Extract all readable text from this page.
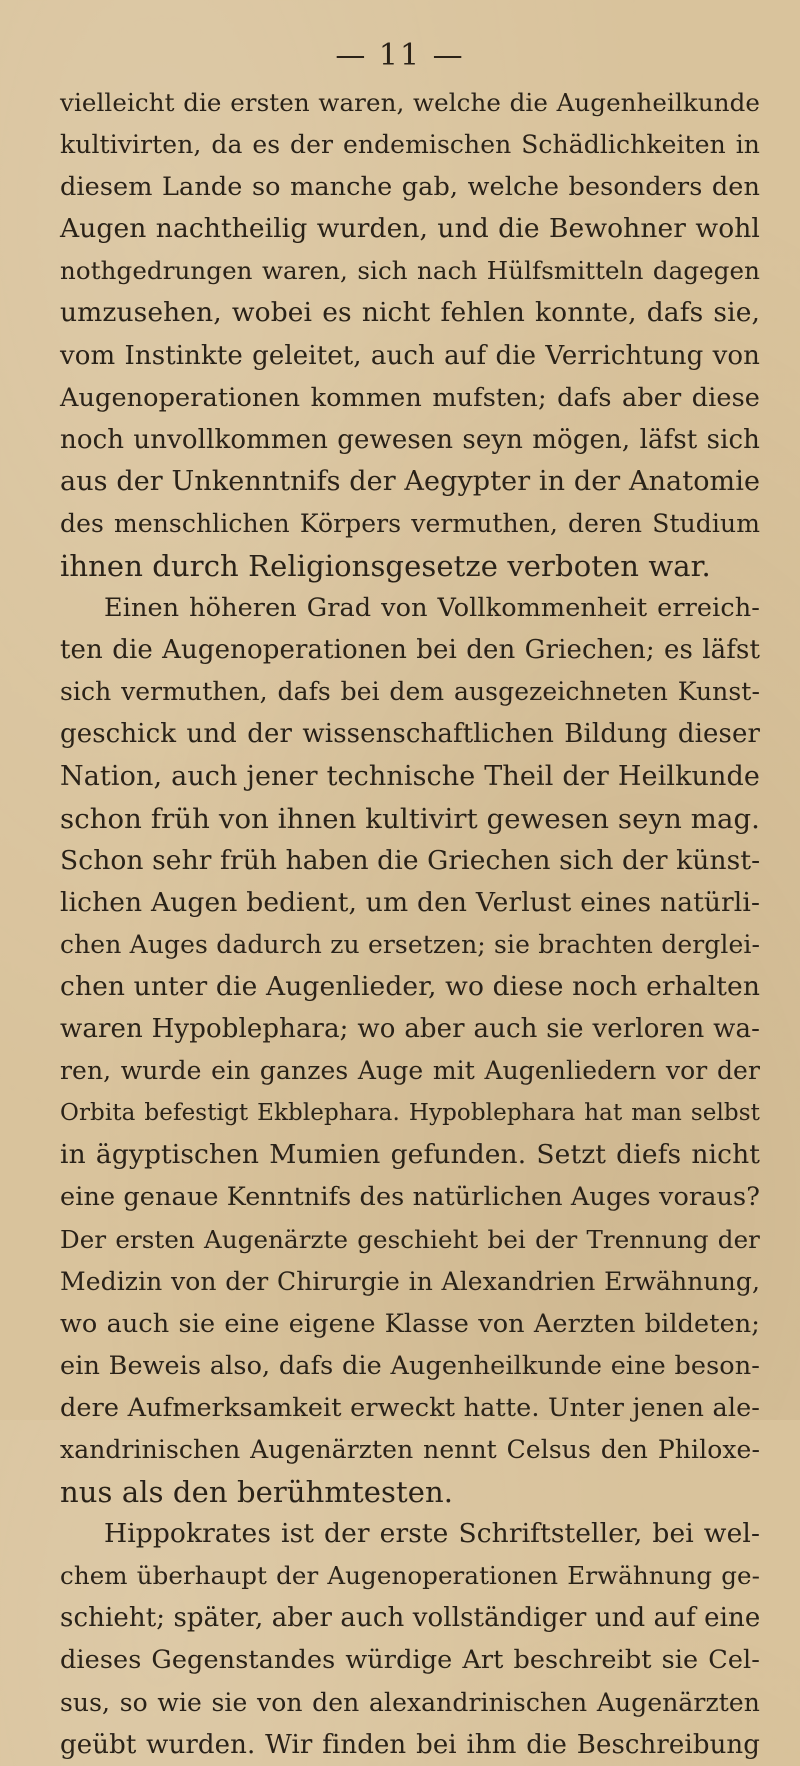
— 11 —
vielleicht die ersten waren, welche die Augenheilkunde
kultivirten, da es der endemischen Schädlichkeiten in
diesem Lande so manche gab, welche besonders den
Augen nachtheilig wurden, und die Bewohner wohl
nothgedrungen waren, sich nach Hülfsmitteln dagegen
umzusehen, wobei es nicht fehlen konnte, dafs sie,
vom Instinkte geleitet, auch auf die Verrichtung von
Augenoperationen kommen mufsten; dafs aber diese
noch unvollkommen gewesen seyn mögen, läfst sich
aus der Unkenntnifs der Aegypter in der Anatomie
des menschlichen Körpers vermuthen, deren Studium
ihnen durch Religionsgesetze verboten war.
Einen höheren Grad von Vollkommenheit erreich-
ten die Augenoperationen bei den Griechen; es läfst
sich vermuthen, dafs bei dem ausgezeichneten Kunst-
geschick und der wissenschaftlichen Bildung dieser
Nation, auch jener technische Theil der Heilkunde
schon früh von ihnen kultivirt gewesen seyn mag.
Schon sehr früh haben die Griechen sich der künst-
lichen Augen bedient, um den Verlust eines natürli-
chen Auges dadurch zu ersetzen; sie brachten derglei-
chen unter die Augenlieder, wo diese noch erhalten
waren Hypoblephara; wo aber auch sie verloren wa-
ren, wurde ein ganzes Auge mit Augenliedern vor der
Orbita befestigt Ekblephara. Hypoblephara hat man selbst
in ägyptischen Mumien gefunden. Setzt diefs nicht
eine genaue Kenntnifs des natürlichen Auges voraus?
Der ersten Augenärzte geschieht bei der Trennung der
Medizin von der Chirurgie in Alexandrien Erwähnung,
wo auch sie eine eigene Klasse von Aerzten bildeten;
ein Beweis also, dafs die Augenheilkunde eine beson-
dere Aufmerksamkeit erweckt hatte. Unter jenen ale-
xandrinischen Augenärzten nennt Celsus den Philoxe-
nus als den berühmtesten.
Hippokrates ist der erste Schriftsteller, bei wel-
chem überhaupt der Augenoperationen Erwähnung ge-
schieht; später, aber auch vollständiger und auf eine
dieses Gegenstandes würdige Art beschreibt sie Cel-
sus, so wie sie von den alexandrinischen Augenärzten
geübt wurden. Wir finden bei ihm die Beschreibung
